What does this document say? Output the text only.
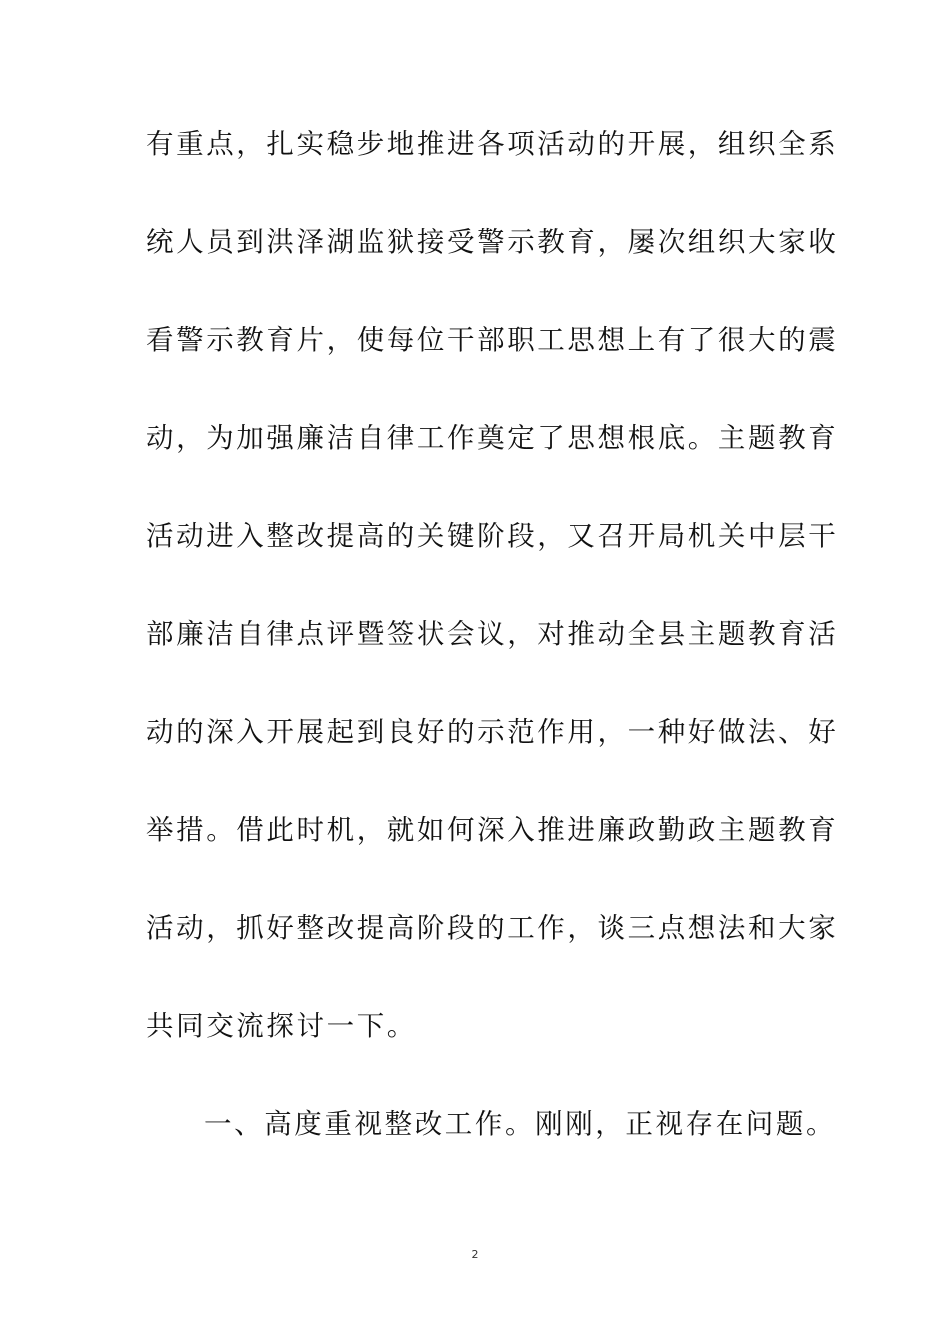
有重点，扎实稳步地推进各项活动的开展，组织全系
统人员到洪泽湖监狱接受警示教育，屡次组织大家收
看警示教育片，使每位干部职工思想上有了很大的震
动，为加强廉洁自律工作奠定了思想根底。主题教育
活动进入整改提高的关键阶段，又召开局机关中层干
部廉洁自律点评暨签状会议，对推动全县主题教育活
动的深入开展起到良好的示范作用，一种好做法、好
举措。借此时机，就如何深入推进廉政勤政主题教育
活动，抓好整改提高阶段的工作，谈三点想法和大家
共同交流探讨一下。
一、高度重视整改工作。刚刚，正视存在问题。
2
